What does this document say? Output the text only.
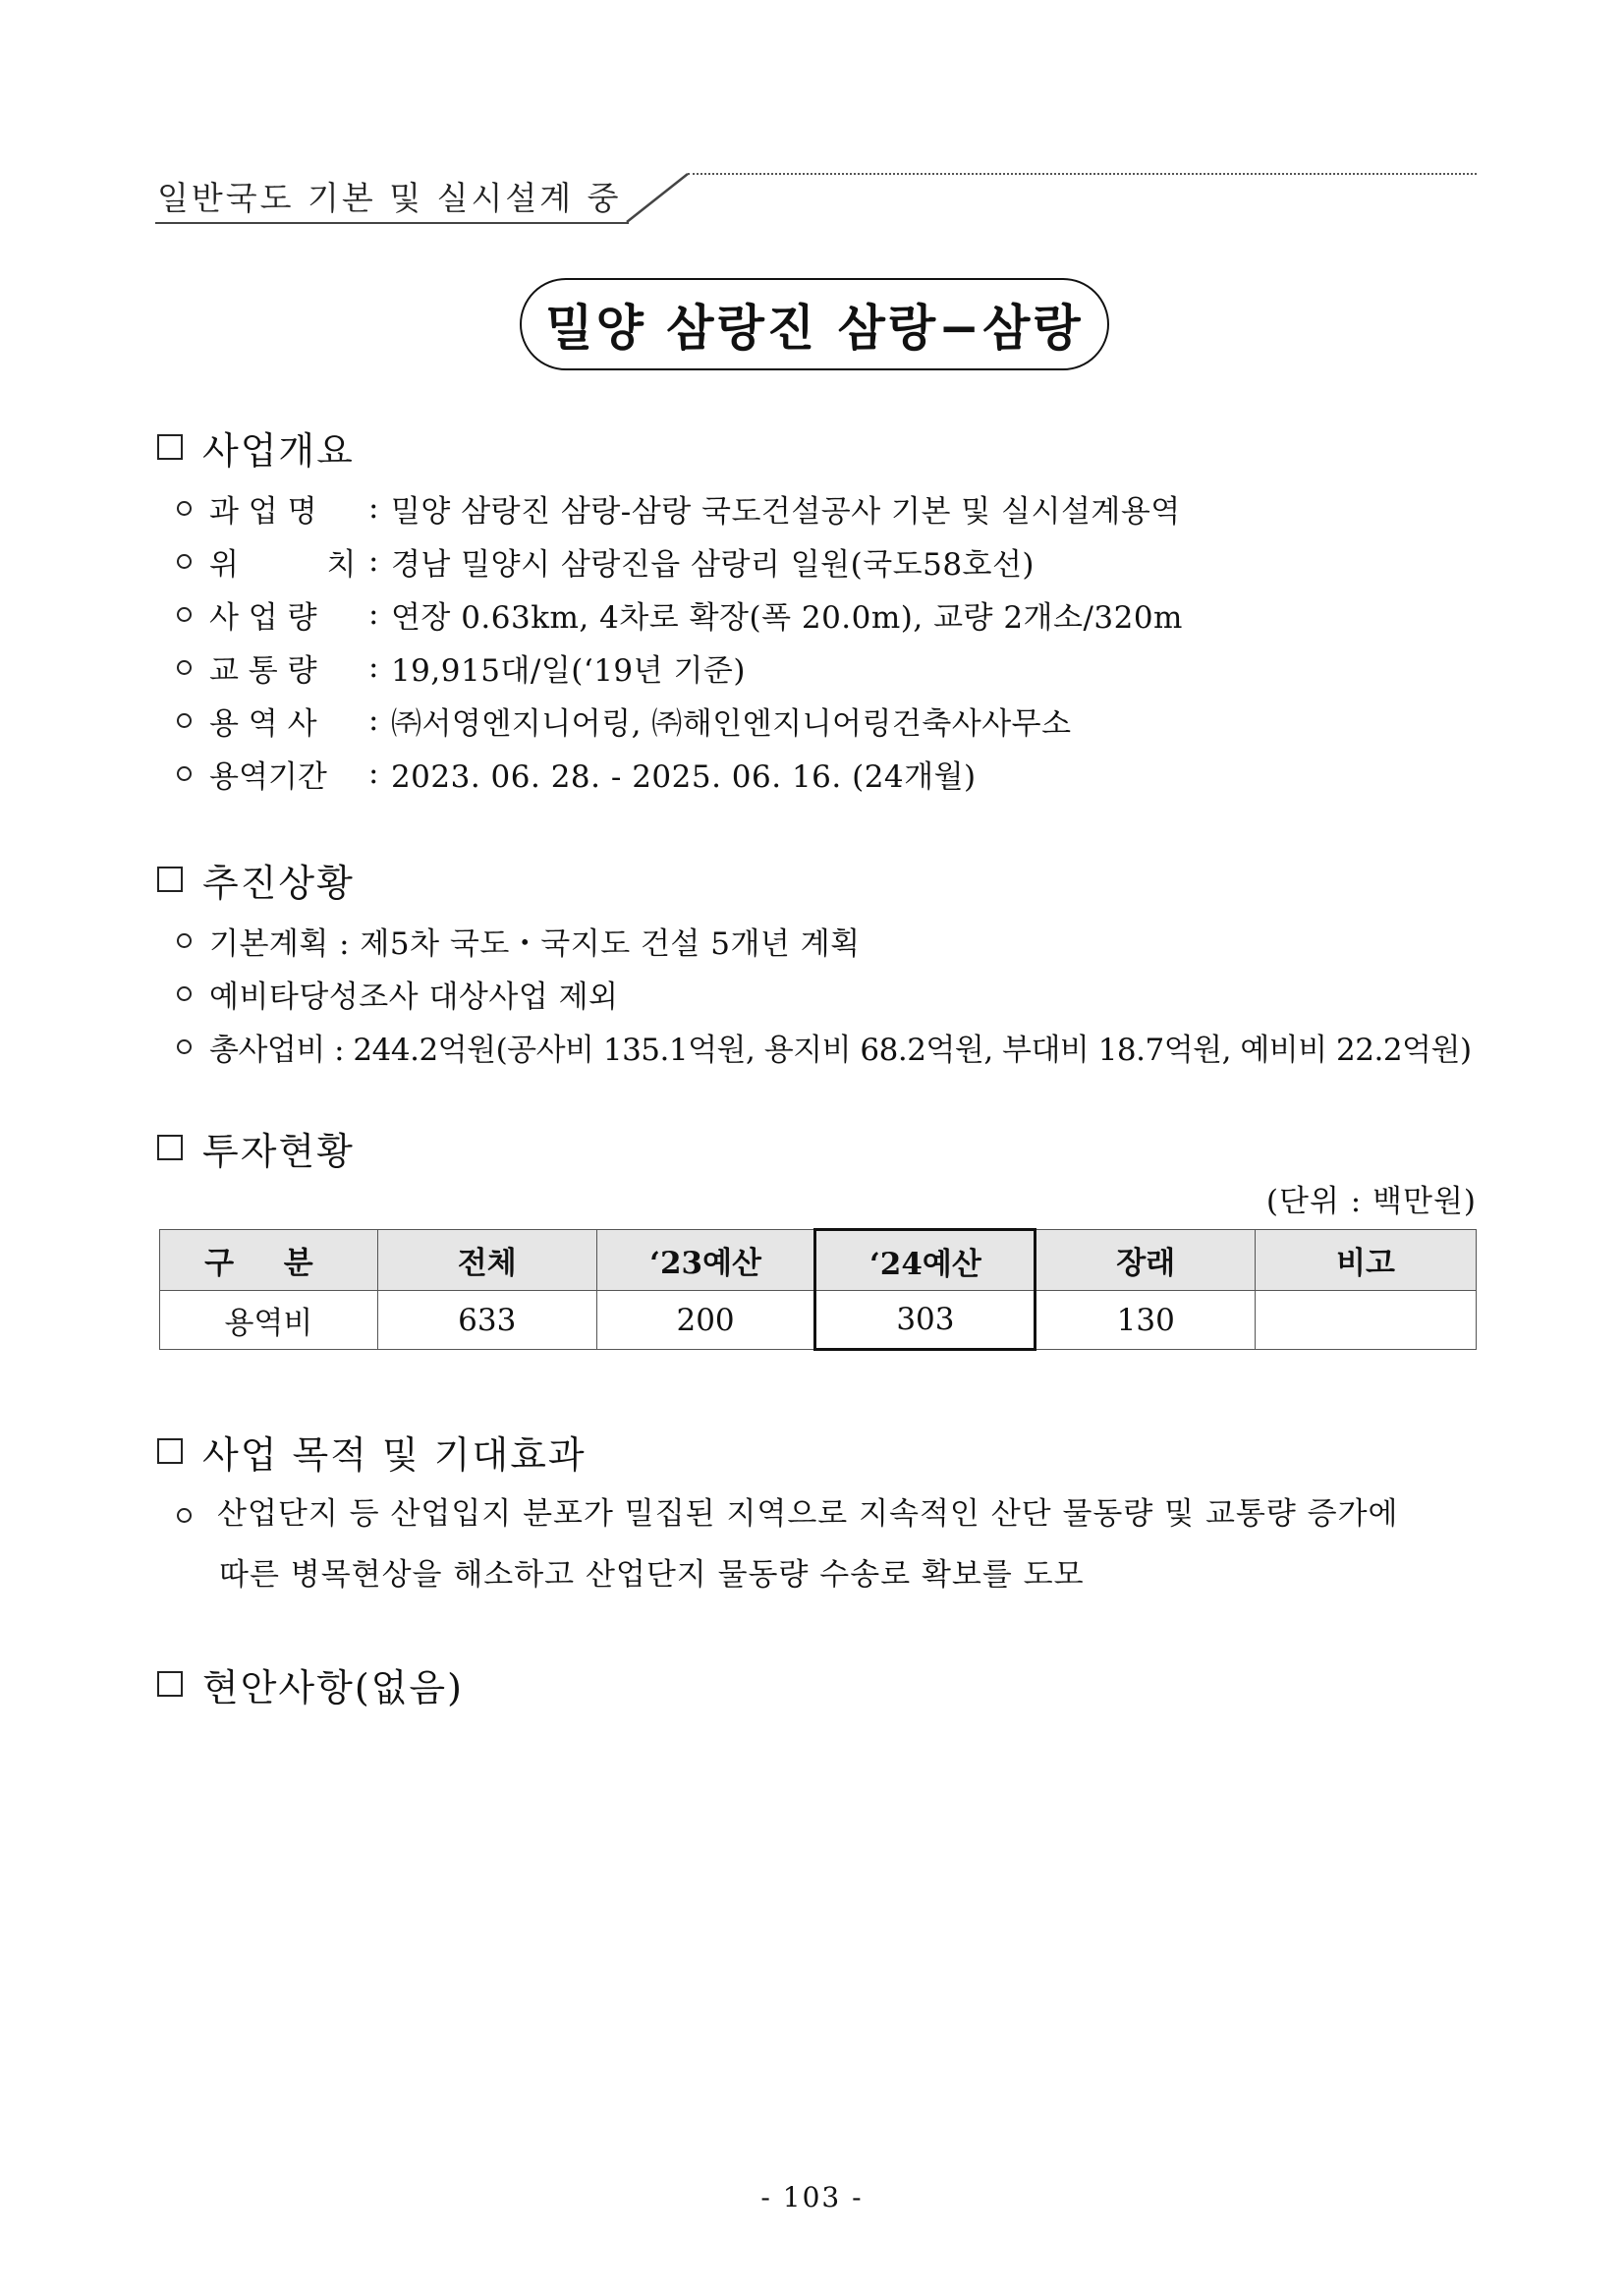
일반국도 기본 및 실시설계 중
밀양 삼랑진 삼랑−삼랑
사업개요
과 업 명	: 밀양 삼랑진 삼랑-삼랑 국도건설공사 기본 및 실시설계용역
위	치 : 경남 밀양시 삼랑진읍 삼랑리 일원(국도58호선)
사 업 량	: 연장 0.63km, 4차로 확장(폭 20.0m), 교량 2개소/320m
교 통 량	: 19,915대/일(‘19년 기준)
용 역 사	: ㈜서영엔지니어링, ㈜해인엔지니어링건축사사무소
용역기간	: 2023. 06. 28. - 2025. 06. 16. (24개월)
추진상황
기본계획 : 제5차 국도・국지도 건설 5개년 계획
예비타당성조사 대상사업 제외
총사업비 : 244.2억원(공사비 135.1억원, 용지비 68.2억원, 부대비 18.7억원, 예비비 22.2억원)
투자현황
(단위 : 백만원)
구 분	전체	‘23예산	‘24예산	장래	비고
용역비	633	200	303	130	
사업 목적 및 기대효과
산업단지 등 산업입지 분포가 밀집된 지역으로 지속적인 산단 물동량 및 교통량 증가에
따른 병목현상을 해소하고 산업단지 물동량 수송로 확보를 도모
현안사항(없음)
- 103 -
